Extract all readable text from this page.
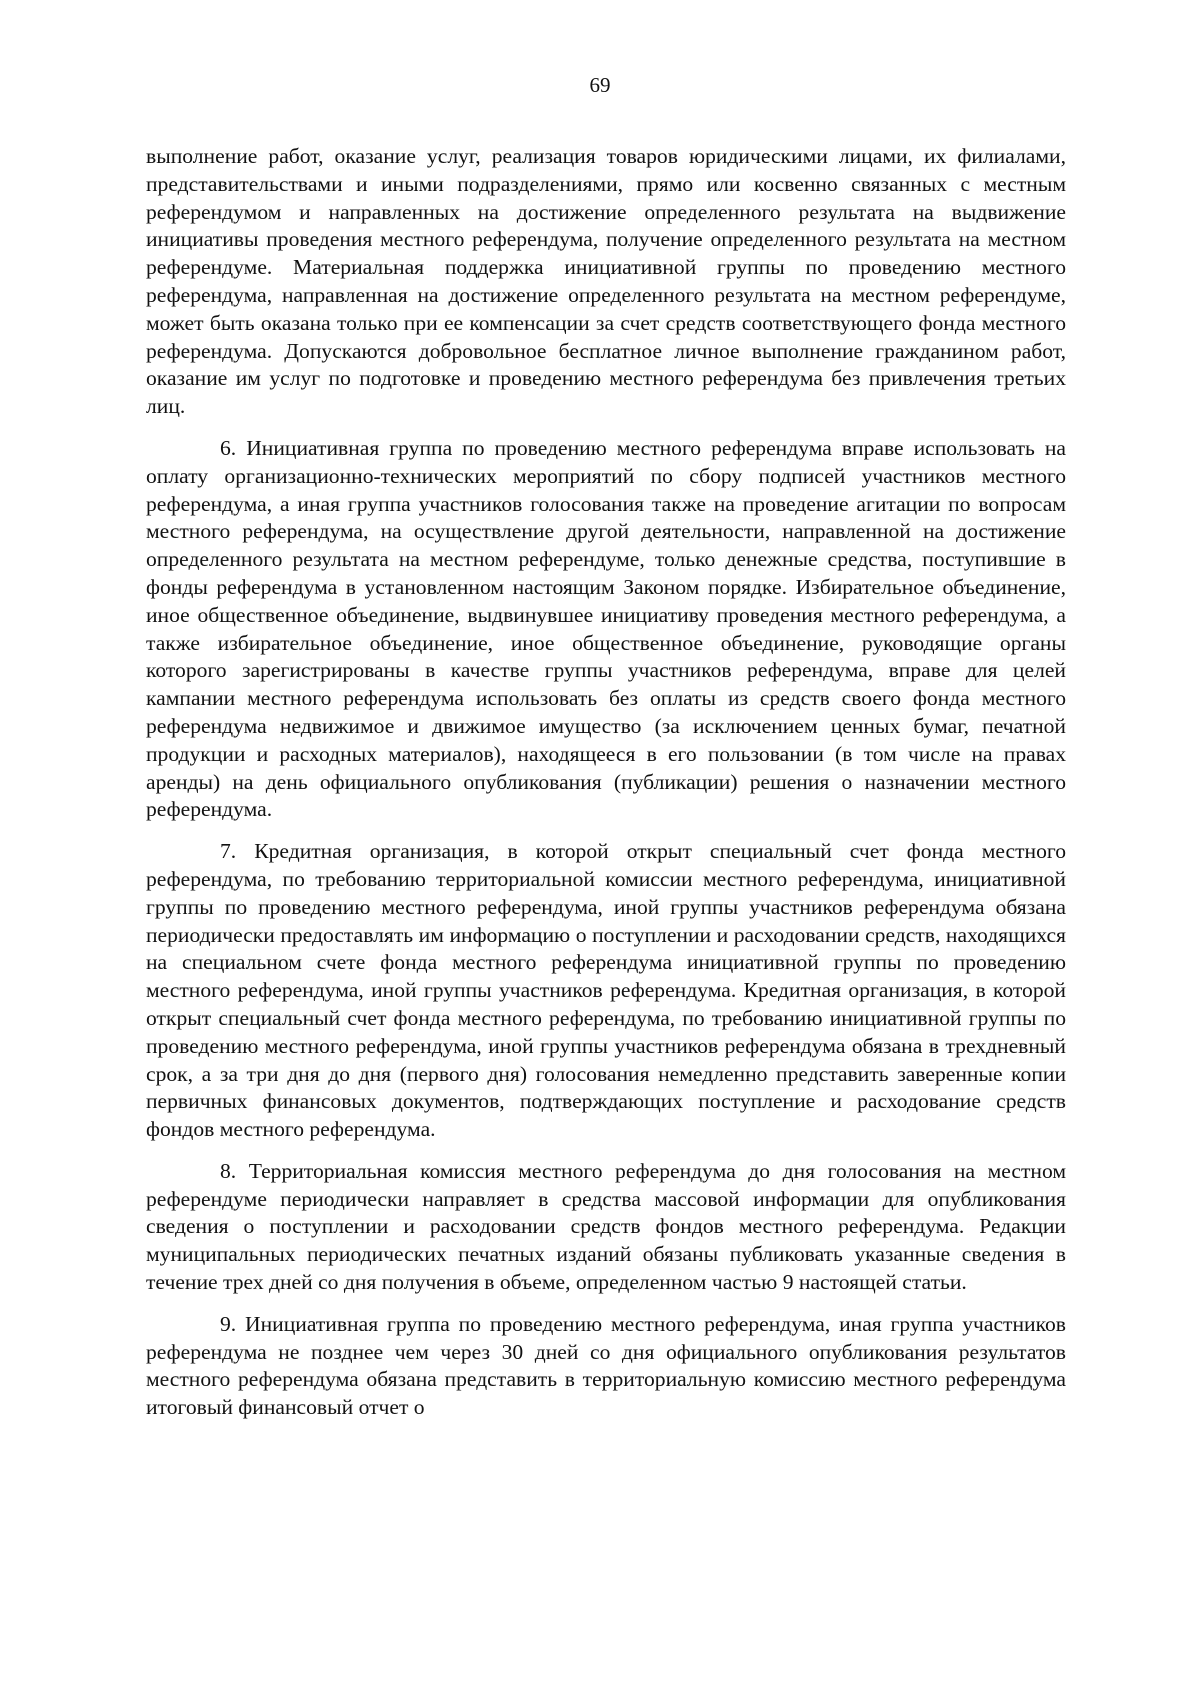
69

выполнение работ, оказание услуг, реализация товаров юридическими лицами, их филиалами, представительствами и иными подразделениями, прямо или косвенно связанных с местным референдумом и направленных на достижение определенного результата на выдвижение инициативы проведения местного референдума, получение определенного результата на местном референдуме. Материальная поддержка инициативной группы по проведению местного референдума, направленная на достижение определенного результата на местном референдуме, может быть оказана только при ее компенсации за счет средств соответствующего фонда местного референдума. Допускаются добровольное бесплатное личное выполнение гражданином работ, оказание им услуг по подготовке и проведению местного референдума без привлечения третьих лиц.

6. Инициативная группа по проведению местного референдума вправе использовать на оплату организационно-технических мероприятий по сбору подписей участников местного референдума, а иная группа участников голосования также на проведение агитации по вопросам местного референдума, на осуществление другой деятельности, направленной на достижение определенного результата на местном референдуме, только денежные средства, поступившие в фонды референдума в установленном настоящим Законом порядке. Избирательное объединение, иное общественное объединение, выдвинувшее инициативу проведения местного референдума, а также избирательное объединение, иное общественное объединение, руководящие органы которого зарегистрированы в качестве группы участников референдума, вправе для целей кампании местного референдума использовать без оплаты из средств своего фонда местного референдума недвижимое и движимое имущество (за исключением ценных бумаг, печатной продукции и расходных материалов), находящееся в его пользовании (в том числе на правах аренды) на день официального опубликования (публикации) решения о назначении местного референдума.

7. Кредитная организация, в которой открыт специальный счет фонда местного референдума, по требованию территориальной комиссии местного референдума, инициативной группы по проведению местного референдума, иной группы участников референдума обязана периодически предоставлять им информацию о поступлении и расходовании средств, находящихся на специальном счете фонда местного референдума инициативной группы по проведению местного референдума, иной группы участников референдума. Кредитная организация, в которой открыт специальный счет фонда местного референдума, по требованию инициативной группы по проведению местного референдума, иной группы участников референдума обязана в трехдневный срок, а за три дня до дня (первого дня) голосования немедленно представить заверенные копии первичных финансовых документов, подтверждающих поступление и расходование средств фондов местного референдума.

8. Территориальная комиссия местного референдума до дня голосования на местном референдуме периодически направляет в средства массовой информации для опубликования сведения о поступлении и расходовании средств фондов местного референдума. Редакции муниципальных периодических печатных изданий обязаны публиковать указанные сведения в течение трех дней со дня получения в объеме, определенном частью 9 настоящей статьи.

9. Инициативная группа по проведению местного референдума, иная группа участников референдума не позднее чем через 30 дней со дня официального опубликования результатов местного референдума обязана представить в территориальную комиссию местного референдума итоговый финансовый отчет о
